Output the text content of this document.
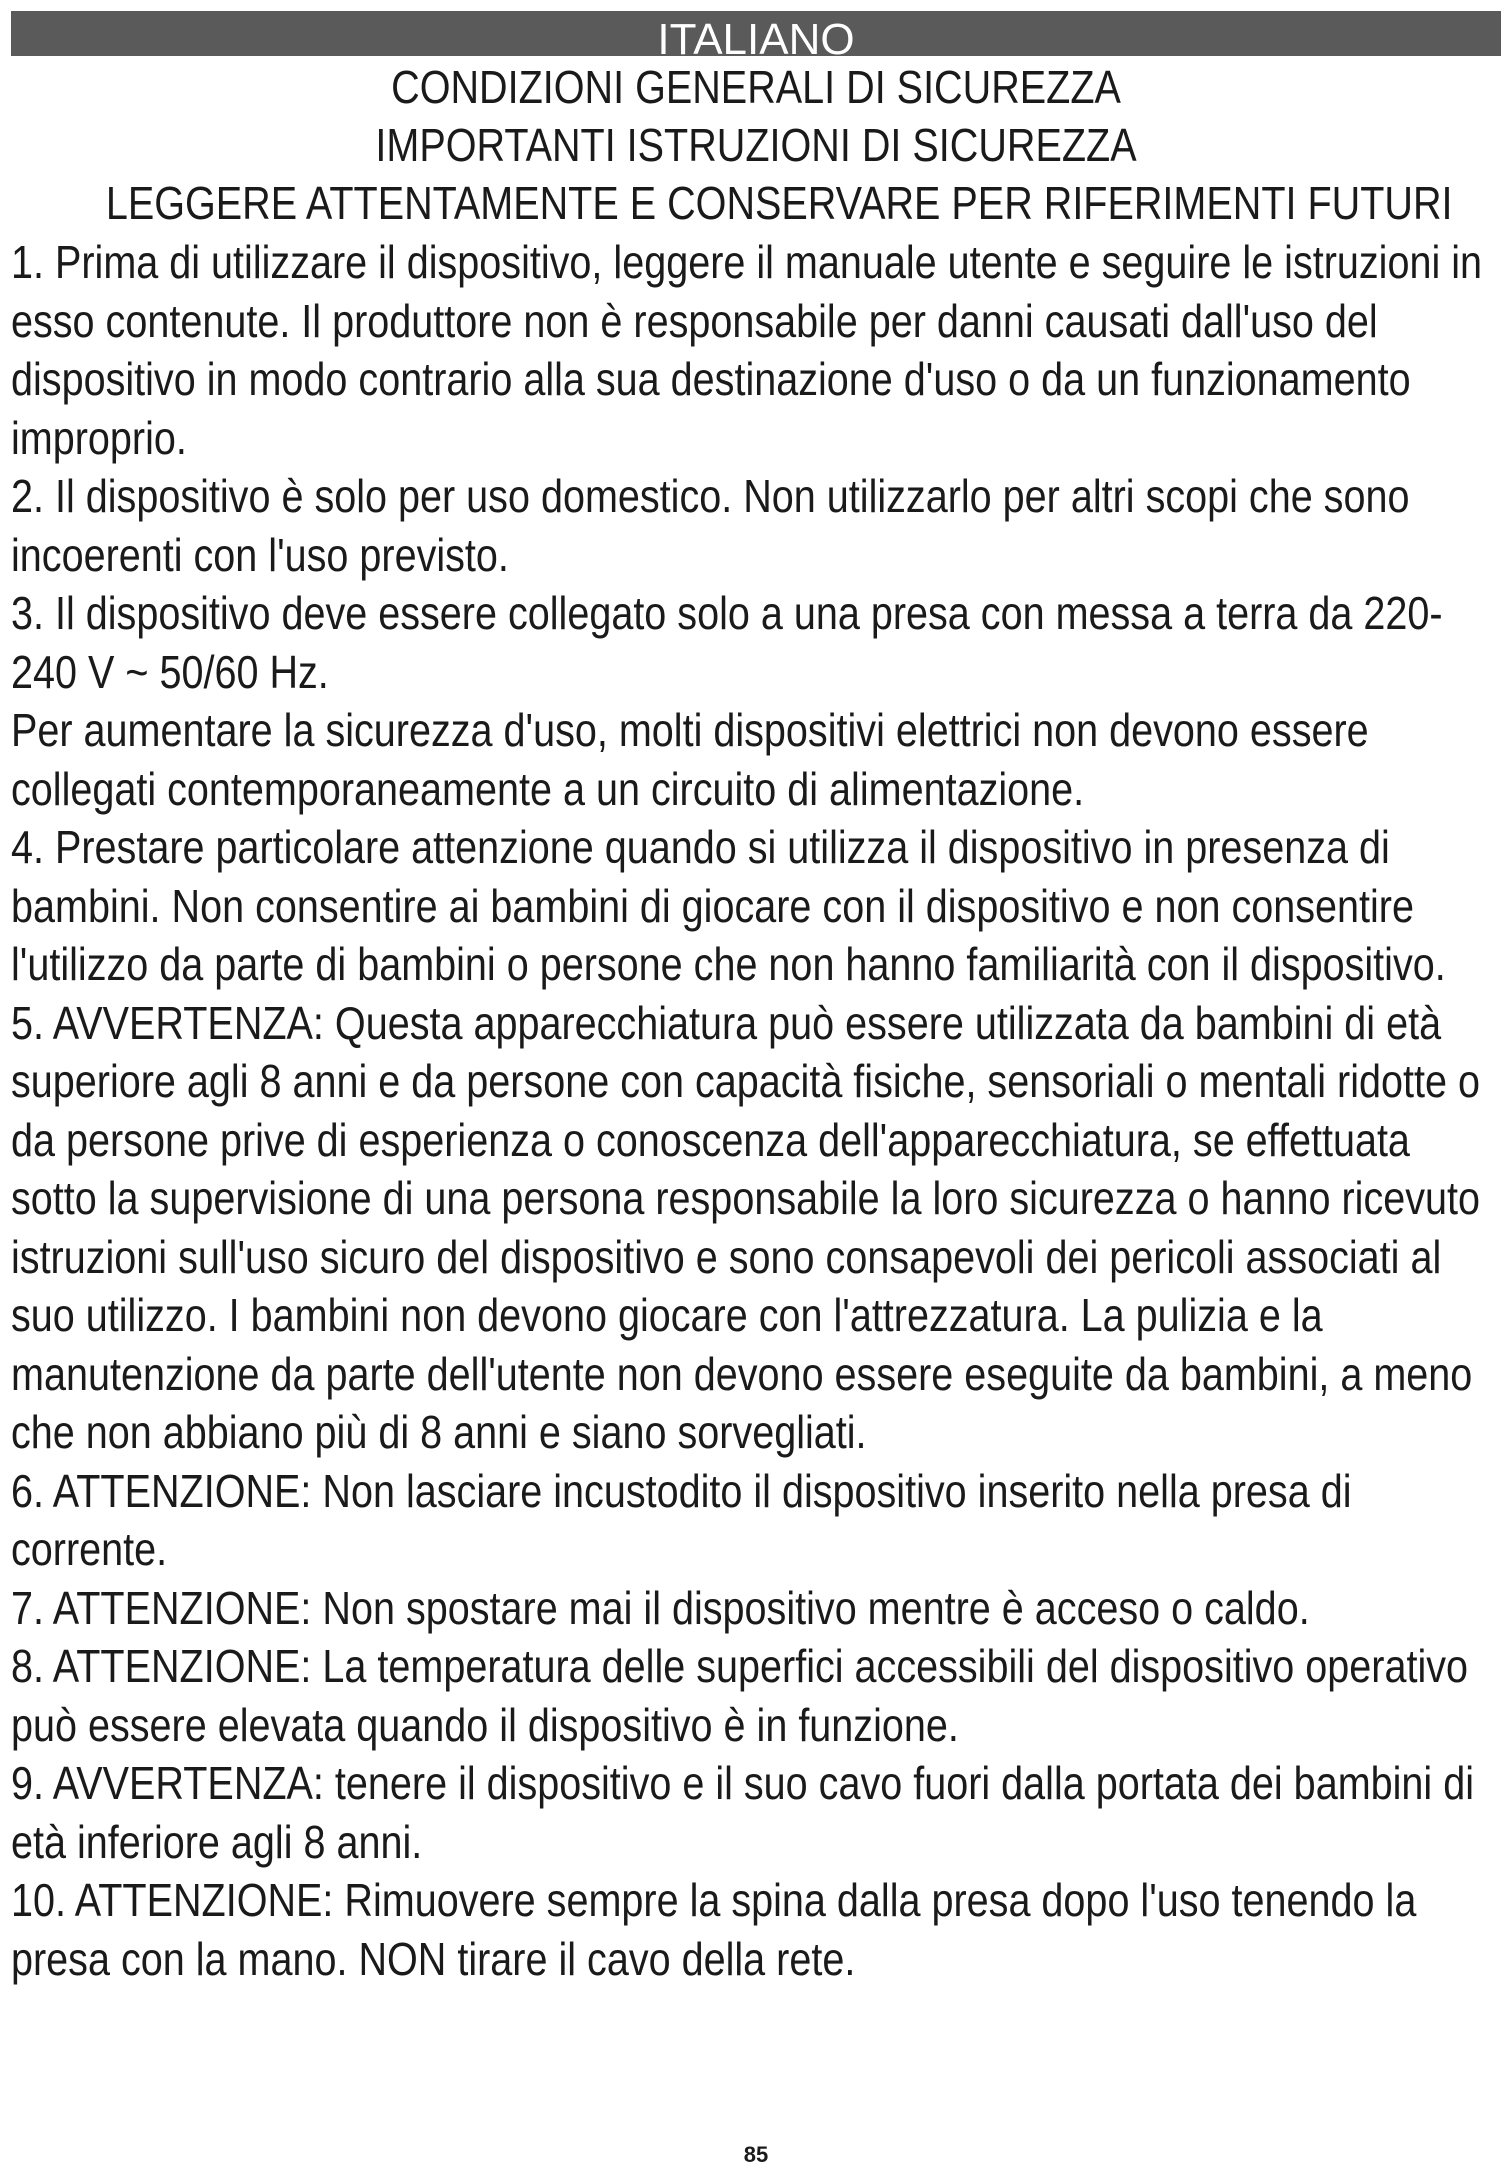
ITALIANO
CONDIZIONI GENERALI DI SICUREZZA
IMPORTANTI ISTRUZIONI DI SICUREZZA
LEGGERE ATTENTAMENTE E CONSERVARE PER RIFERIMENTI FUTURI

1. Prima di utilizzare il dispositivo, leggere il manuale utente e seguire le istruzioni in esso contenute. Il produttore non è responsabile per danni causati dall'uso del dispositivo in modo contrario alla sua destinazione d'uso o da un funzionamento improprio.

2. Il dispositivo è solo per uso domestico. Non utilizzarlo per altri scopi che sono incoerenti con l'uso previsto.

3. Il dispositivo deve essere collegato solo a una presa con messa a terra da 220-240 V ~ 50/60 Hz.

Per aumentare la sicurezza d'uso, molti dispositivi elettrici non devono essere collegati contemporaneamente a un circuito di alimentazione.

4. Prestare particolare attenzione quando si utilizza il dispositivo in presenza di bambini. Non consentire ai bambini di giocare con il dispositivo e non consentire l'utilizzo da parte di bambini o persone che non hanno familiarità con il dispositivo.

5. AVVERTENZA: Questa apparecchiatura può essere utilizzata da bambini di età superiore agli 8 anni e da persone con capacità fisiche, sensoriali o mentali ridotte o da persone prive di esperienza o conoscenza dell'apparecchiatura, se effettuata sotto la supervisione di una persona responsabile la loro sicurezza o hanno ricevuto istruzioni sull'uso sicuro del dispositivo e sono consapevoli dei pericoli associati al suo utilizzo. I bambini non devono giocare con l'attrezzatura. La pulizia e la manutenzione da parte dell'utente non devono essere eseguite da bambini, a meno che non abbiano più di 8 anni e siano sorvegliati.

6. ATTENZIONE: Non lasciare incustodito il dispositivo inserito nella presa di corrente.

7. ATTENZIONE: Non spostare mai il dispositivo mentre è acceso o caldo.

8. ATTENZIONE: La temperatura delle superfici accessibili del dispositivo operativo può essere elevata quando il dispositivo è in funzione.

9. AVVERTENZA: tenere il dispositivo e il suo cavo fuori dalla portata dei bambini di età inferiore agli 8 anni.

10. ATTENZIONE: Rimuovere sempre la spina dalla presa dopo l'uso tenendo la presa con la mano. NON tirare il cavo della rete.

85
